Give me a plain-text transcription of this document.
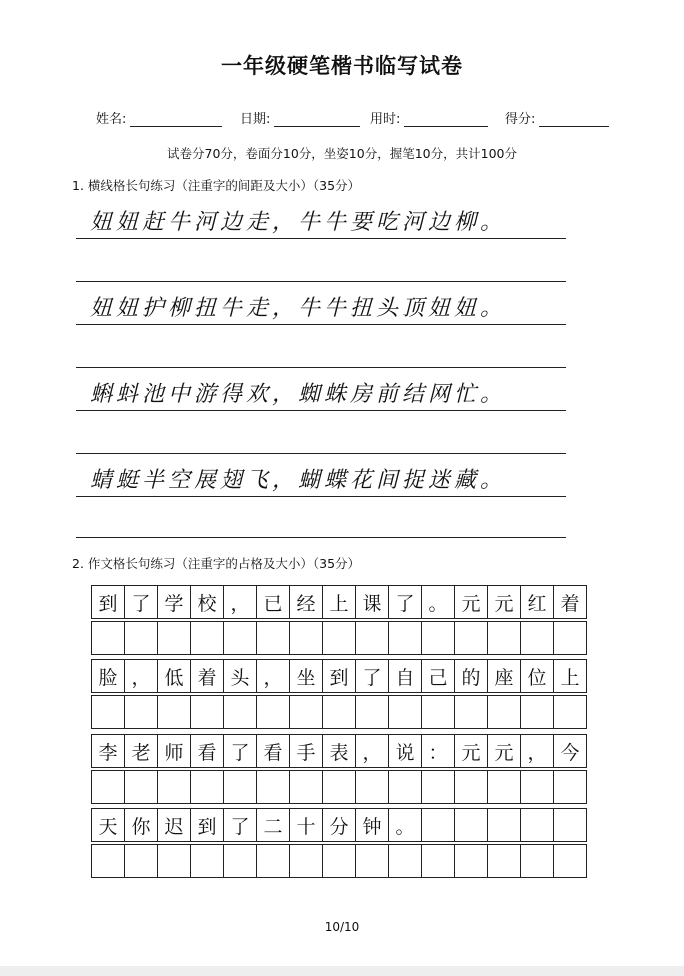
一年级硬笔楷书临写试卷
姓名:	日期:	用时:	得分:
试卷分70分，卷面分10分，坐姿10分，握笔10分，共计100分
1. 横线格长句练习（注重字的间距及大小）（35分）
妞妞赶牛河边走，牛牛要吃河边柳。
妞妞护柳扭牛走，牛牛扭头顶妞妞。
蝌蚪池中游得欢，蜘蛛房前结网忙。
蜻蜓半空展翅飞，蝴蝶花间捉迷藏。
2. 作文格长句练习（注重字的占格及大小）（35分）
到 了 学 校 ， 已 经 上 课 了 。 元 元 红 着
脸 ， 低 着 头 ， 坐 到 了 自 己 的 座 位 上
李 老 师 看 了 看 手 表 ， 说 ： 元 元 ， 今
天 你 迟 到 了 二 十 分 钟 。
10/10
